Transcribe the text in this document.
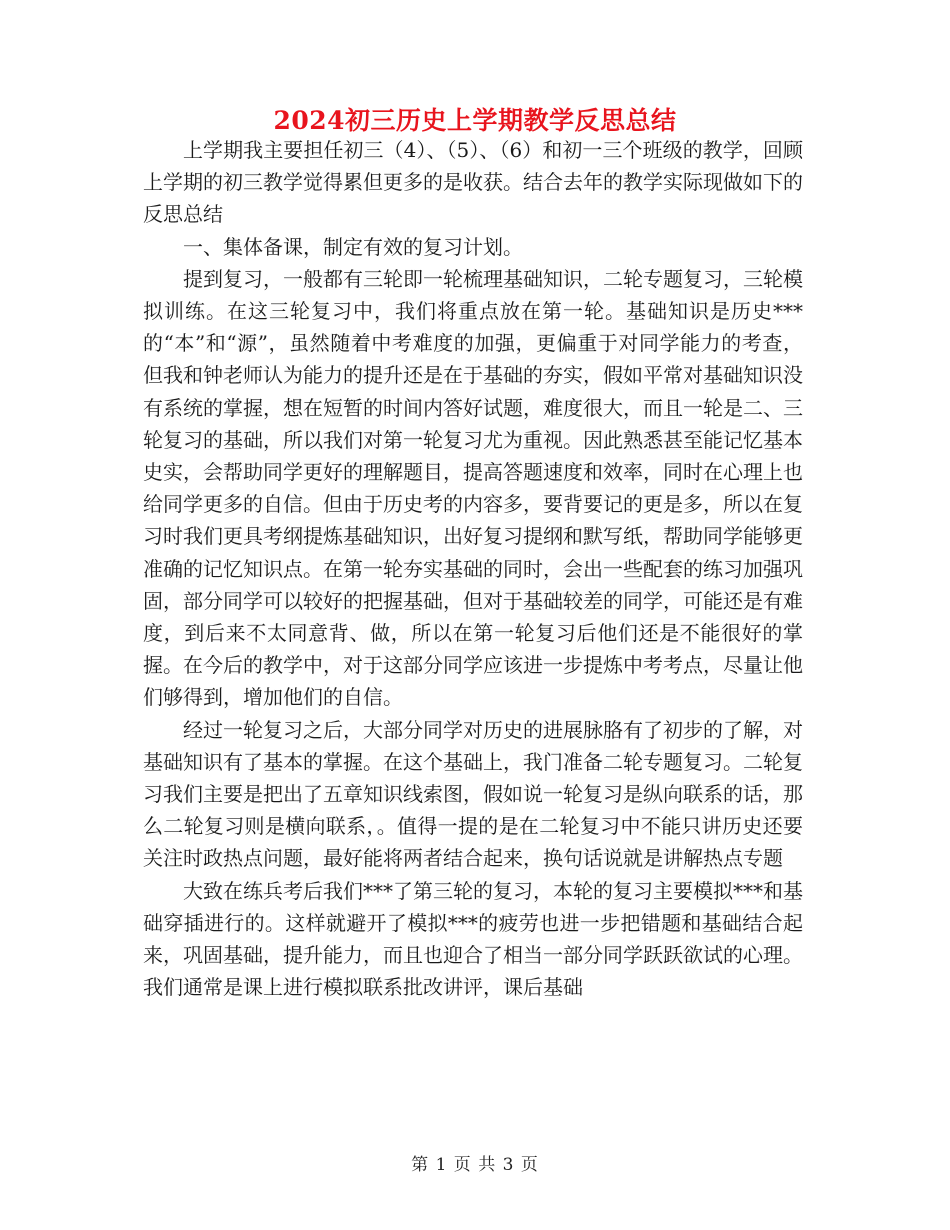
2024初三历史上学期教学反思总结

上学期我主要担任初三（4）、（5）、（6）和初一三个班级的教学，回顾上学期的初三教学觉得累但更多的是收获。结合去年的教学实际现做如下的反思总结

一、集体备课，制定有效的复习计划。

提到复习，一般都有三轮即一轮梳理基础知识，二轮专题复习，三轮模拟训练。在这三轮复习中，我们将重点放在第一轮。基础知识是历史***的“本”和“源”，虽然随着中考难度的加强，更偏重于对同学能力的考查，但我和钟老师认为能力的提升还是在于基础的夯实，假如平常对基础知识没有系统的掌握，想在短暂的时间内答好试题，难度很大，而且一轮是二、三轮复习的基础，所以我们对第一轮复习尤为重视。因此熟悉甚至能记忆基本史实，会帮助同学更好的理解题目，提高答题速度和效率，同时在心理上也给同学更多的自信。但由于历史考的内容多，要背要记的更是多，所以在复习时我们更具考纲提炼基础知识，出好复习提纲和默写纸，帮助同学能够更准确的记忆知识点。在第一轮夯实基础的同时，会出一些配套的练习加强巩固，部分同学可以较好的把握基础，但对于基础较差的同学，可能还是有难度，到后来不太同意背、做，所以在第一轮复习后他们还是不能很好的掌握。在今后的教学中，对于这部分同学应该进一步提炼中考考点，尽量让他们够得到，增加他们的自信。

经过一轮复习之后，大部分同学对历史的进展脉胳有了初步的了解，对基础知识有了基本的掌握。在这个基础上，我门准备二轮专题复习。二轮复习我们主要是把出了五章知识线索图，假如说一轮复习是纵向联系的话，那么二轮复习则是横向联系，。值得一提的是在二轮复习中不能只讲历史还要关注时政热点问题，最好能将两者结合起来，换句话说就是讲解热点专题

大致在练兵考后我们***了第三轮的复习，本轮的复习主要模拟***和基础穿插进行的。这样就避开了模拟***的疲劳也进一步把错题和基础结合起来，巩固基础，提升能力，而且也迎合了相当一部分同学跃跃欲试的心理。我们通常是课上进行模拟联系批改讲评，课后基础

第 1 页 共 3 页
